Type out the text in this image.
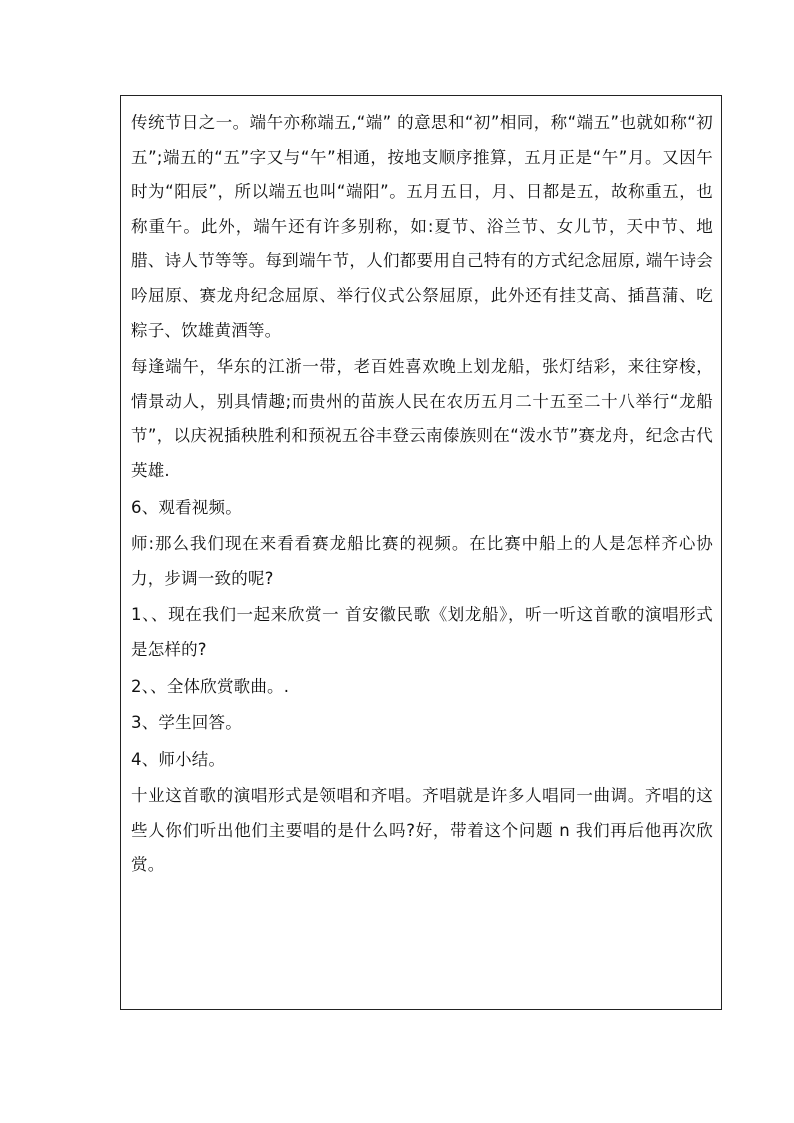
传统节日之一。端午亦称端五,“端” 的意思和“初”相同，称“端五”也就如称“初五”;端五的“五”字又与“午”相通，按地支顺序推算，五月正是“午”月。又因午时为“阳辰”，所以端五也叫“端阳”。五月五日，月、日都是五，故称重五，也称重午。此外，端午还有许多别称，如:夏节、浴兰节、女儿节，天中节、地腊、诗人节等等。每到端午节，人们都要用自己特有的方式纪念屈原, 端午诗会吟屈原、赛龙舟纪念屈原、举行仪式公祭屈原，此外还有挂艾高、插菖蒲、吃粽子、饮雄黄酒等。

每逢端午，华东的江浙一带，老百姓喜欢晚上划龙船，张灯结彩，来往穿梭，情景动人，别具情趣;而贵州的苗族人民在农历五月二十五至二十八举行“龙船节”，以庆祝插秧胜利和预祝五谷丰登云南傣族则在“泼水节”赛龙舟，纪念古代英雄.

6、观看视频。

师:那么我们现在来看看赛龙船比赛的视频。在比赛中船上的人是怎样齐心协力，步调一致的呢?

1、、现在我们一起来欣赏一 首安徽民歌《划龙船》，听一听这首歌的演唱形式是怎样的?

2、、全体欣赏歌曲。.

3、学生回答。

4、师小结。

十业这首歌的演唱形式是领唱和齐唱。齐唱就是许多人唱同一曲调。齐唱的这些人你们听出他们主要唱的是什么吗?好，带着这个问题 n 我们再后他再次欣赏。
